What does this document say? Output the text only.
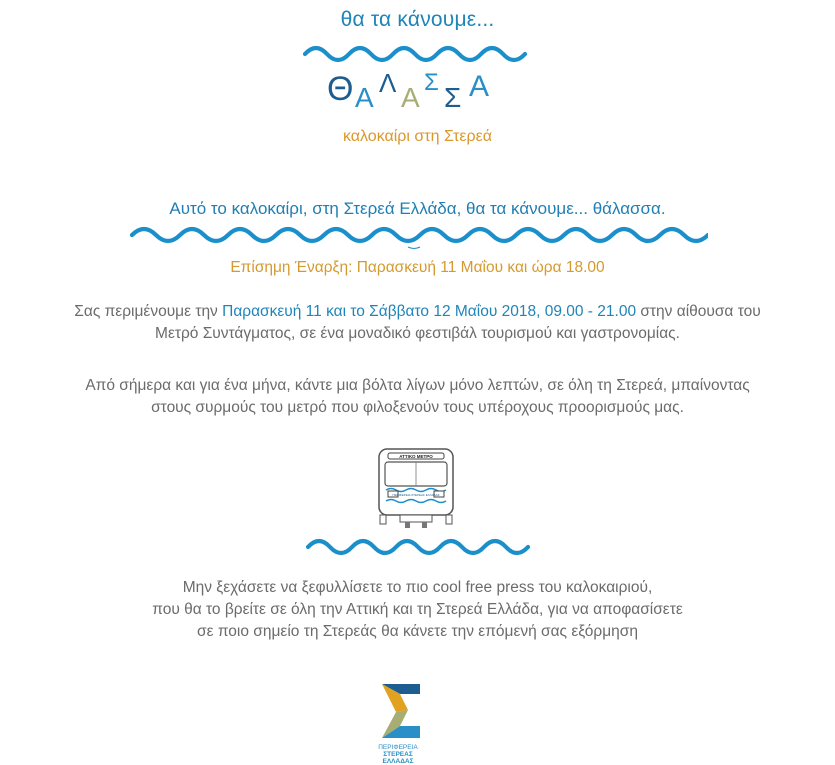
θα τα κάνουμε...
Θ Α Λ Α Σ Σ Α
καλοκαίρι στη Στερεά
Αυτό το καλοκαίρι, στη Στερεά Ελλάδα, θα τα κάνουμε... θάλασσα.
Επίσημη Έναρξη: Παρασκευή 11 Μαΐου και ώρα 18.00
Σας περιμένουμε την Παρασκευή 11 και το Σάββατο 12 Μαΐου 2018, 09.00 - 21.00 στην αίθουσα του
Μετρό Συντάγματος, σε ένα μοναδικό φεστιβάλ τουρισμού και γαστρονομίας.
Από σήμερα και για ένα μήνα, κάντε μια βόλτα λίγων μόνο λεπτών, σε όλη τη Στερεά, μπαίνοντας
στους συρμούς του μετρό που φιλοξενούν τους υπέροχους προορισμούς μας.
ΑΤΤΙΚΟ ΜΕΤΡΟ
ΠΕΡΙΦΕΡΕΙΑ ΣΤΕΡΕΑΣ ΕΛΛΑΔΑΣ
Μην ξεχάσετε να ξεφυλλίσετε το πιο cool free press του καλοκαιριού,
που θα το βρείτε σε όλη την Αττική και τη Στερεά Ελλάδα, για να αποφασίσετε
σε ποιο σημείο τη Στερεάς θα κάνετε την επόμενή σας εξόρμηση
ΠΕΡΙΦΕΡΕΙΑ
ΣΤΕΡΕΑΣ
ΕΛΛΑΔΑΣ
